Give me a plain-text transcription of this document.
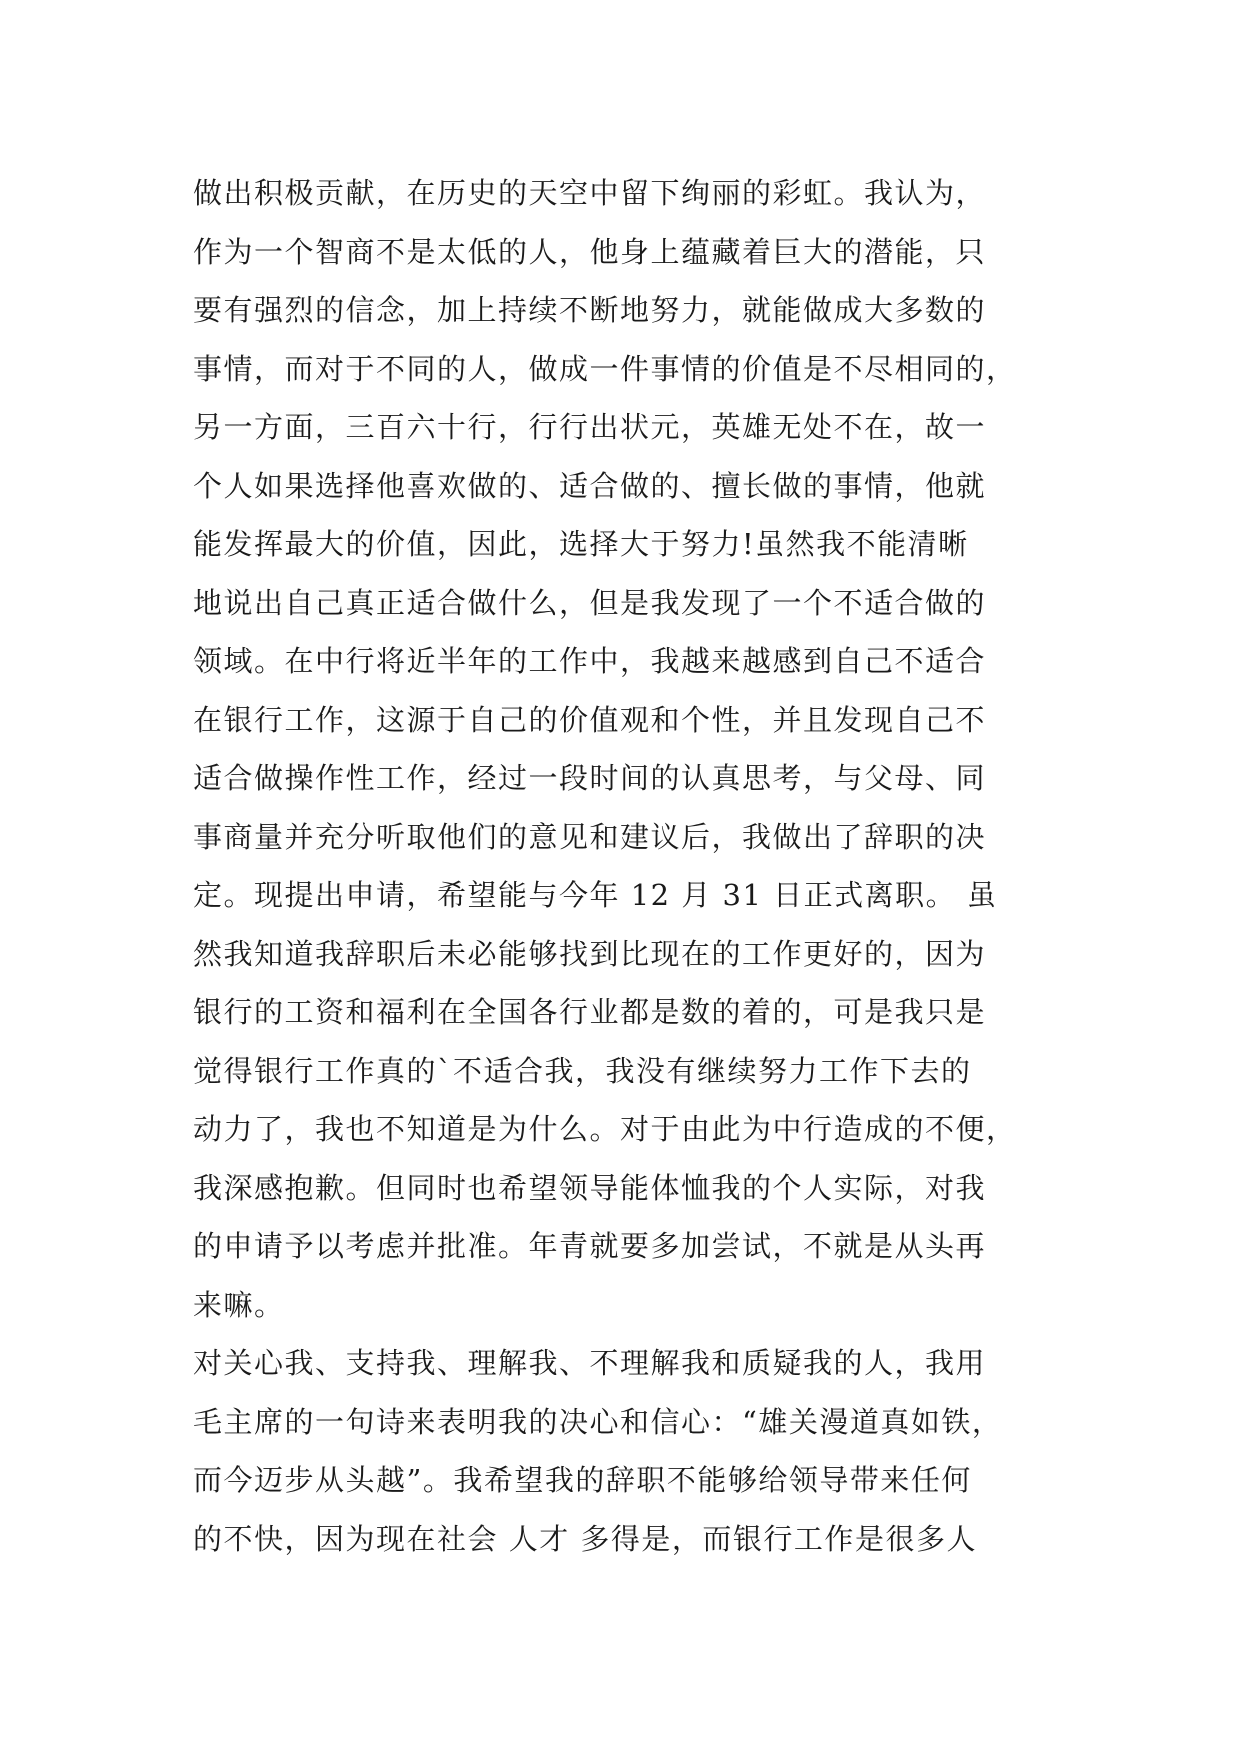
做出积极贡献，在历史的天空中留下绚丽的彩虹。我认为，
作为一个智商不是太低的人，他身上蕴藏着巨大的潜能，只
要有强烈的信念，加上持续不断地努力，就能做成大多数的
事情，而对于不同的人，做成一件事情的价值是不尽相同的，
另一方面，三百六十行，行行出状元，英雄无处不在，故一
个人如果选择他喜欢做的、适合做的、擅长做的事情，他就
能发挥最大的价值，因此，选择大于努力!虽然我不能清晰
地说出自己真正适合做什么，但是我发现了一个不适合做的
领域。在中行将近半年的工作中，我越来越感到自己不适合
在银行工作，这源于自己的价值观和个性，并且发现自己不
适合做操作性工作，经过一段时间的认真思考，与父母、同
事商量并充分听取他们的意见和建议后，我做出了辞职的决
定。现提出申请，希望能与今年 12 月 31 日正式离职。 虽
然我知道我辞职后未必能够找到比现在的工作更好的，因为
银行的工资和福利在全国各行业都是数的着的，可是我只是
觉得银行工作真的`不适合我，我没有继续努力工作下去的
动力了，我也不知道是为什么。对于由此为中行造成的不便，
我深感抱歉。但同时也希望领导能体恤我的个人实际，对我
的申请予以考虑并批准。年青就要多加尝试，不就是从头再
来嘛。
对关心我、支持我、理解我、不理解我和质疑我的人，我用
毛主席的一句诗来表明我的决心和信心：“雄关漫道真如铁，
而今迈步从头越”。我希望我的辞职不能够给领导带来任何
的不快，因为现在社会 人才 多得是，而银行工作是很多人
